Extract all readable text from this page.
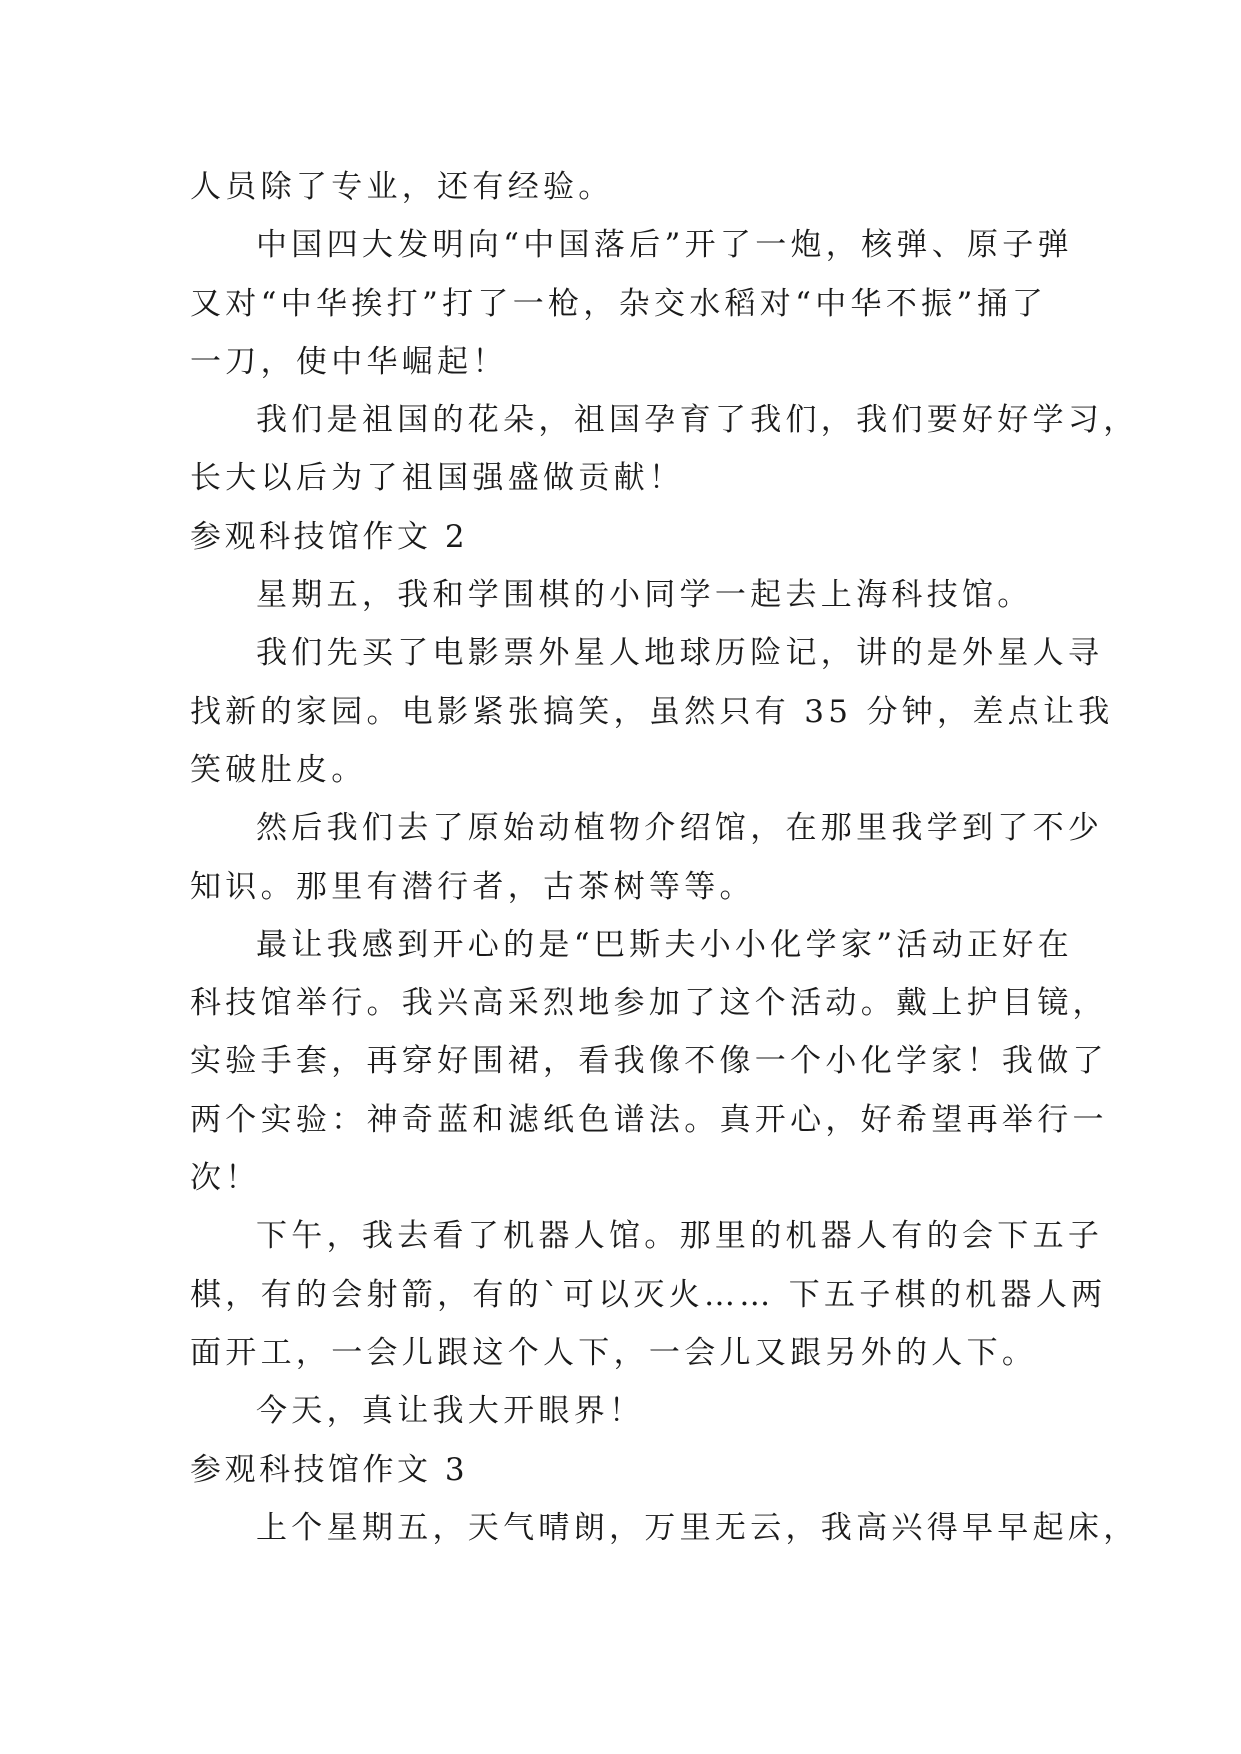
人员除了专业，还有经验。
中国四大发明向“中国落后”开了一炮，核弹、原子弹
又对“中华挨打”打了一枪，杂交水稻对“中华不振”捅了
一刀，使中华崛起！
我们是祖国的花朵，祖国孕育了我们，我们要好好学习，
长大以后为了祖国强盛做贡献！
参观科技馆作文 2
星期五，我和学围棋的小同学一起去上海科技馆。
我们先买了电影票外星人地球历险记，讲的是外星人寻
找新的家园。电影紧张搞笑，虽然只有 35 分钟，差点让我
笑破肚皮。
然后我们去了原始动植物介绍馆，在那里我学到了不少
知识。那里有潜行者，古茶树等等。
最让我感到开心的是“巴斯夫小小化学家”活动正好在
科技馆举行。我兴高采烈地参加了这个活动。戴上护目镜，
实验手套，再穿好围裙，看我像不像一个小化学家！我做了
两个实验：神奇蓝和滤纸色谱法。真开心，好希望再举行一
次！
下午，我去看了机器人馆。那里的机器人有的会下五子
棋，有的会射箭，有的`可以灭火…… 下五子棋的机器人两
面开工，一会儿跟这个人下，一会儿又跟另外的人下。
今天，真让我大开眼界！
参观科技馆作文 3
上个星期五，天气晴朗，万里无云，我高兴得早早起床，
